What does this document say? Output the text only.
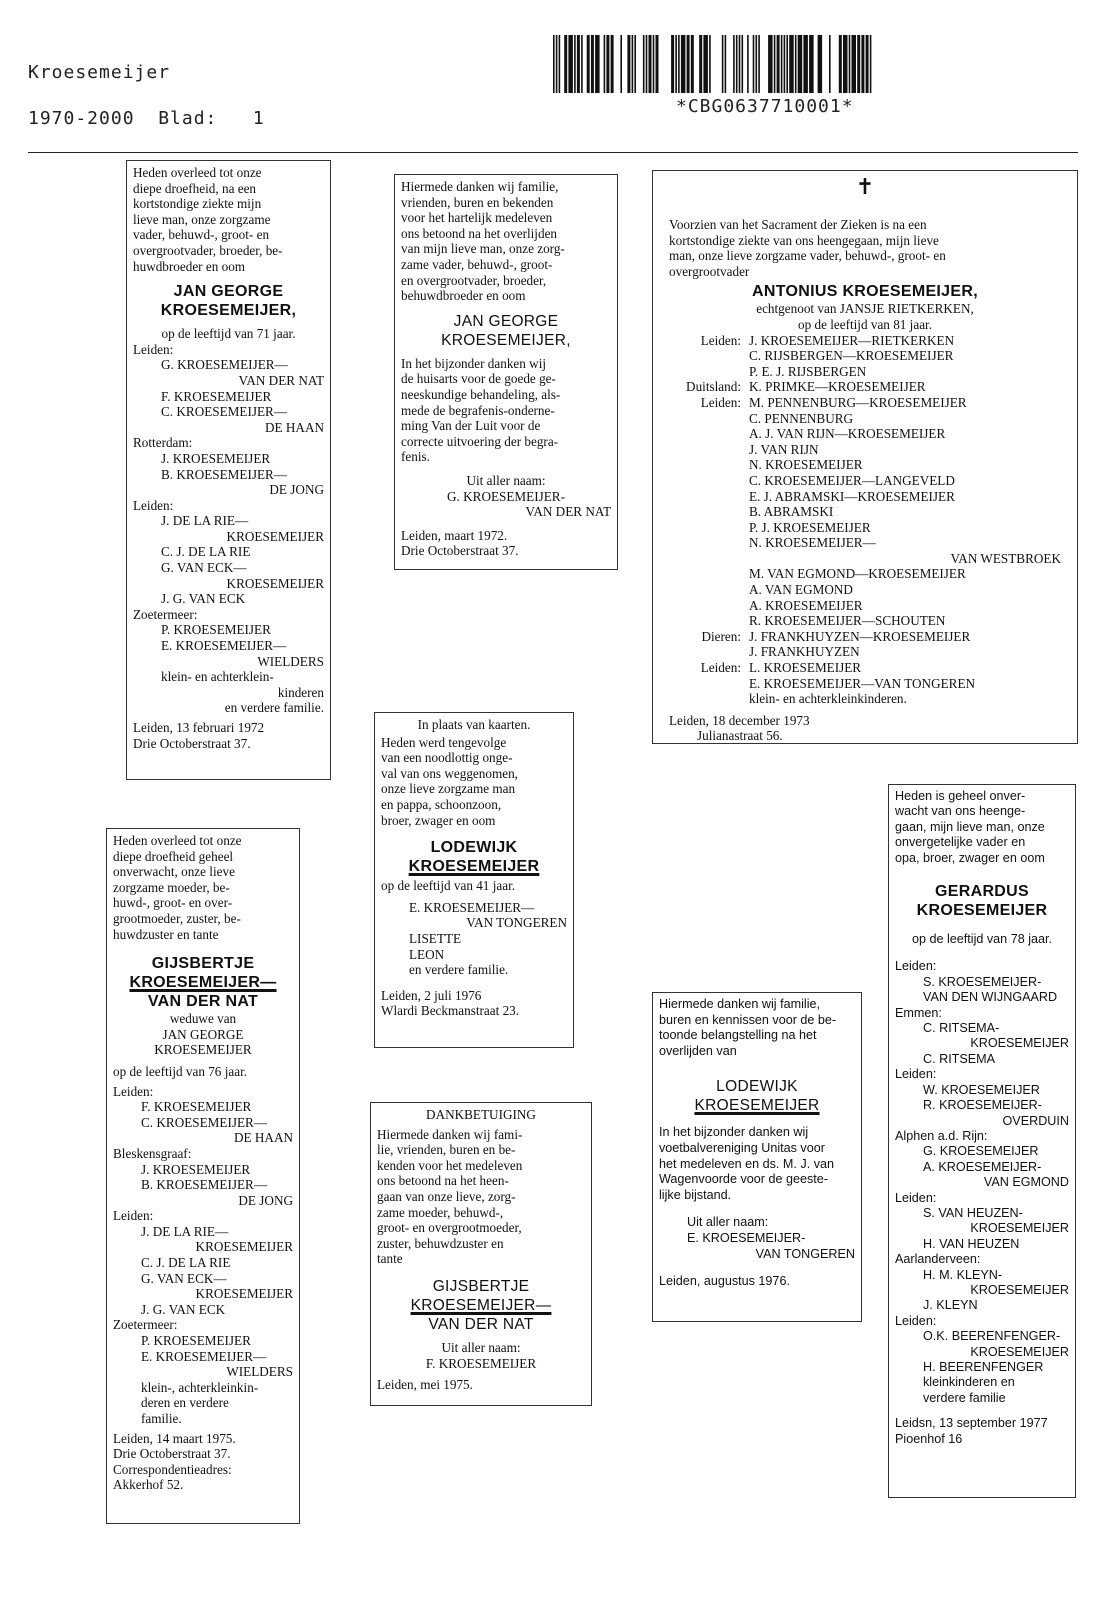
Kroesemeijer
1970-2000  Blad:   1
*CBG0637710001*
Heden overleed tot onze
diepe droefheid, na een
kortstondige ziekte mijn
lieve man, onze zorgzame
vader, behuwd-, groot- en
overgrootvader, broeder, be-
huwdbroeder en oom
JAN GEORGE
KROESEMEIJER,
op de leeftijd van 71 jaar.
Leiden:
G. KROESEMEIJER—
VAN DER NAT
F. KROESEMEIJER
C. KROESEMEIJER—
DE HAAN
Rotterdam:
J. KROESEMEIJER
B. KROESEMEIJER—
DE JONG
Leiden:
J. DE LA RIE—
KROESEMEIJER
C. J. DE LA RIE
G. VAN ECK—
KROESEMEIJER
J. G. VAN ECK
Zoetermeer:
P. KROESEMEIJER
E. KROESEMEIJER—
WIELDERS
klein- en achterklein-
kinderen
en verdere familie.
Leiden, 13 februari 1972
Drie Octoberstraat 37.
Hiermede danken wij familie,
vrienden, buren en bekenden
voor het hartelijk medeleven
ons betoond na het overlijden
van mijn lieve man, onze zorg-
zame vader, behuwd-, groot-
en overgrootvader, broeder,
behuwdbroeder en oom
JAN GEORGE
KROESEMEIJER,
In het bijzonder danken wij
de huisarts voor de goede ge-
neeskundige behandeling, als-
mede de begrafenis-onderne-
ming Van der Luit voor de
correcte uitvoering der begra-
fenis.
Uit aller naam:
G. KROESEMEIJER-
VAN DER NAT
Leiden, maart 1972.
Drie Octoberstraat 37.
✝
Voorzien van het Sacrament der Zieken is na een
kortstondige ziekte van ons heengegaan, mijn lieve
man, onze lieve zorgzame vader, behuwd-, groot- en
overgrootvader
ANTONIUS KROESEMEIJER,
echtgenoot van JANSJE RIETKERKEN,
op de leeftijd van 81 jaar.
Leiden: J. KROESEMEIJER—RIETKERKEN
C. RIJSBERGEN—KROESEMEIJER
P. E. J. RIJSBERGEN
Duitsland: K. PRIMKE—KROESEMEIJER
Leiden: M. PENNENBURG—KROESEMEIJER
C. PENNENBURG
A. J. VAN RIJN—KROESEMEIJER
J. VAN RIJN
N. KROESEMEIJER
C. KROESEMEIJER—LANGEVELD
E. J. ABRAMSKI—KROESEMEIJER
B. ABRAMSKI
P. J. KROESEMEIJER
N. KROESEMEIJER—
VAN WESTBROEK
M. VAN EGMOND—KROESEMEIJER
A. VAN EGMOND
A. KROESEMEIJER
R. KROESEMEIJER—SCHOUTEN
Dieren: J. FRANKHUYZEN—KROESEMEIJER
J. FRANKHUYZEN
Leiden: L. KROESEMEIJER
E. KROESEMEIJER—VAN TONGEREN
klein- en achterkleinkinderen.
Leiden, 18 december 1973
Julianastraat 56.
In plaats van kaarten.
Heden werd tengevolge
van een noodlottig onge-
val van ons weggenomen,
onze lieve zorgzame man
en pappa, schoonzoon,
broer, zwager en oom
LODEWIJK
KROESEMEIJER
op de leeftijd van 41 jaar.
E. KROESEMEIJER—
VAN TONGEREN
LISETTE
LEON
en verdere familie.
Leiden, 2 juli 1976
Wlardi Beckmanstraat 23.
Heden overleed tot onze
diepe droefheid geheel
onverwacht, onze lieve
zorgzame moeder, be-
huwd-, groot- en over-
grootmoeder, zuster, be-
huwdzuster en tante
GIJSBERTJE
KROESEMEIJER—
VAN DER NAT
weduwe van
JAN GEORGE
KROESEMEIJER
op de leeftijd van 76 jaar.
Leiden:
F. KROESEMEIJER
C. KROESEMEIJER—
DE HAAN
Bleskensgraaf:
J. KROESEMEIJER
B. KROESEMEIJER—
DE JONG
Leiden:
J. DE LA RIE—
KROESEMEIJER
C. J. DE LA RIE
G. VAN ECK—
KROESEMEIJER
J. G. VAN ECK
Zoetermeer:
P. KROESEMEIJER
E. KROESEMEIJER—
WIELDERS
klein-, achterkleinkin-
deren en verdere
familie.
Leiden, 14 maart 1975.
Drie Octoberstraat 37.
Correspondentieadres:
Akkerhof 52.
DANKBETUIGING
Hiermede danken wij fami-
lie, vrienden, buren en be-
kenden voor het medeleven
ons betoond na het heen-
gaan van onze lieve, zorg-
zame moeder, behuwd-,
groot- en overgrootmoeder,
zuster, behuwdzuster en
tante
GIJSBERTJE
KROESEMEIJER—
VAN DER NAT
Uit aller naam:
F. KROESEMEIJER
Leiden, mei 1975.
Hiermede danken wij familie,
buren en kennissen voor de be-
toonde belangstelling na het
overlijden van
LODEWIJK
KROESEMEIJER
In het bijzonder danken wij
voetbalvereniging Unitas voor
het medeleven en ds. M. J. van
Wagenvoorde voor de geeste-
lijke bijstand.
Uit aller naam:
E. KROESEMEIJER-
VAN TONGEREN
Leiden, augustus 1976.
Heden is geheel onver-
wacht van ons heenge-
gaan, mijn lieve man, onze
onvergetelijke vader en
opa, broer, zwager en oom
GERARDUS
KROESEMEIJER
op de leeftijd van 78 jaar.
Leiden:
S. KROESEMEIJER-
VAN DEN WIJNGAARD
Emmen:
C. RITSEMA-
KROESEMEIJER
C. RITSEMA
Leiden:
W. KROESEMEIJER
R. KROESEMEIJER-
OVERDUIN
Alphen a.d. Rijn:
G. KROESEMEIJER
A. KROESEMEIJER-
VAN EGMOND
Leiden:
S. VAN HEUZEN-
KROESEMEIJER
H. VAN HEUZEN
Aarlanderveen:
H. M. KLEYN-
KROESEMEIJER
J. KLEYN
Leiden:
O.K. BEERENFENGER-
KROESEMEIJER
H. BEERENFENGER
kleinkinderen en
verdere familie
Leidsn, 13 september 1977
Pioenhof 16
